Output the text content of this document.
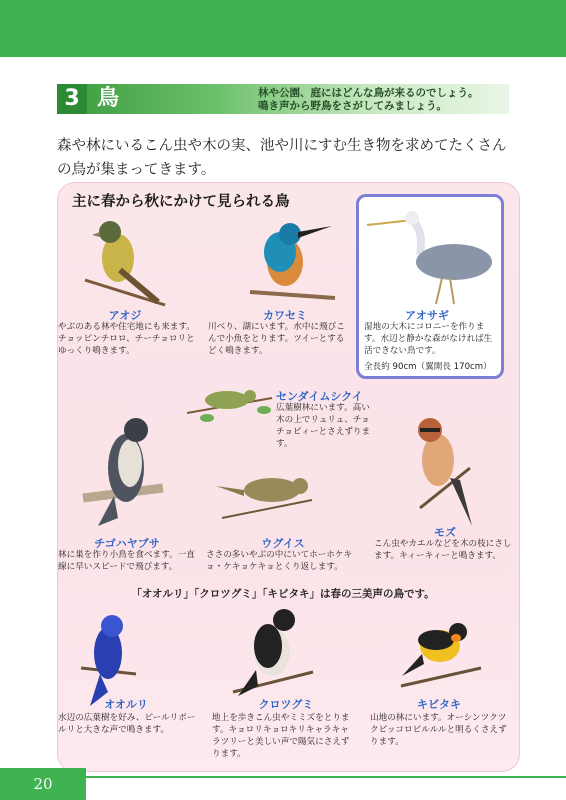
3 鳥	林や公園、庭にはどんな鳥が来るのでしょう。
鳴き声から野鳥をさがしてみましょう。
森や林にいるこん虫や木の実、池や川にすむ生き物を求めてたくさんの鳥が集まってきます。
主に春から秋にかけて見られる鳥
アオジ
やぶのある林や住宅地にも来ます。チョッピンチロロ、チーチョロリとゆっくり鳴きます。
カワセミ
川べり、湖にいます。水中に飛びこんで小魚をとります。ツイーとするどく鳴きます。
アオサギ
湿地の大木にコロニーを作ります。水辺と静かな森がなければ生活できない鳥です。
全長約 90cm（翼開長 170cm）
センダイムシクイ
広葉樹林にいます。高い木の上でリュリュ、チョチョビィーとさえずります。
チゴハヤブサ
林に巣を作り小鳥を食べます。一直線に早いスピードで飛びます。
ウグイス
ささの多いやぶの中にいてホーホケキョ・ケキョケキョとくり返します。
モズ
こん虫やカエルなどを木の枝にさします。キィーキィーと鳴きます。
「オオルリ」「クロツグミ」「キビタキ」は春の三美声の鳥です。
オオルリ
水辺の広葉樹を好み、ピールリポールリと大きな声で鳴きます。
クロツグミ
地上を歩きこん虫やミミズをとります。キョロリキョロキリキャラキャラツリーと美しい声で陽気にさえずります。
キビタキ
山地の林にいます。オーシンツクツクピッコロビルルルと明るくさえずります。
20
